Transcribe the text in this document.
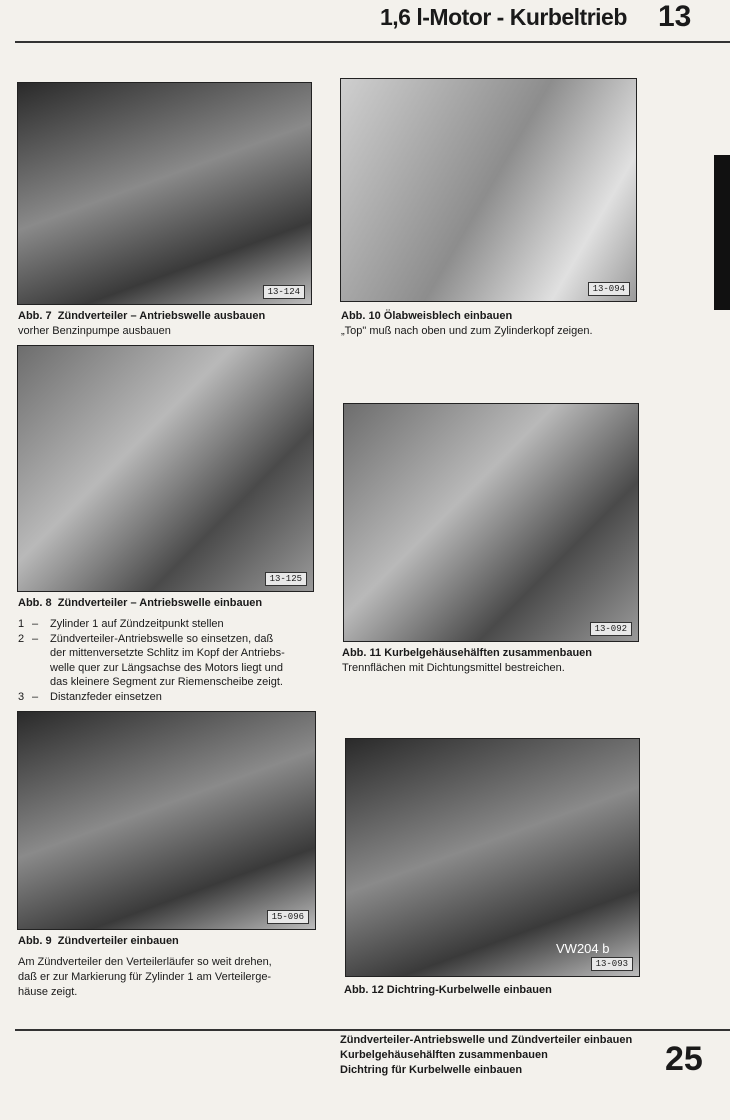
1,6 l-Motor - Kurbeltrieb 13
13-124
Abb. 7 Zündverteiler – Antriebswelle ausbauen
vorher Benzinpumpe ausbauen
13-094
Abb. 10 Ölabweisblech einbauen
„Top" muß nach oben und zum Zylinderkopf zeigen.
13-125
Abb. 8 Zündverteiler – Antriebswelle einbauen
1 –	Zylinder 1 auf Zündzeitpunkt stellen
2 –	Zündverteiler-Antriebswelle so einsetzen, daß
der mittenversetzte Schlitz im Kopf der Antriebs-
welle quer zur Längsachse des Motors liegt und
das kleinere Segment zur Riemenscheibe zeigt.
3 –	Distanzfeder einsetzen
13-092
Abb. 11 Kurbelgehäusehälften zusammenbauen
Trennflächen mit Dichtungsmittel bestreichen.
15-096
Abb. 9 Zündverteiler einbauen
Am Zündverteiler den Verteilerläufer so weit drehen,
daß er zur Markierung für Zylinder 1 am Verteilerge-
häuse zeigt.
VW204 b
13-093
Abb. 12 Dichtring-Kurbelwelle einbauen
Zündverteiler-Antriebswelle und Zündverteiler einbauen
Kurbelgehäusehälften zusammenbauen
Dichtring für Kurbelwelle einbauen	25
